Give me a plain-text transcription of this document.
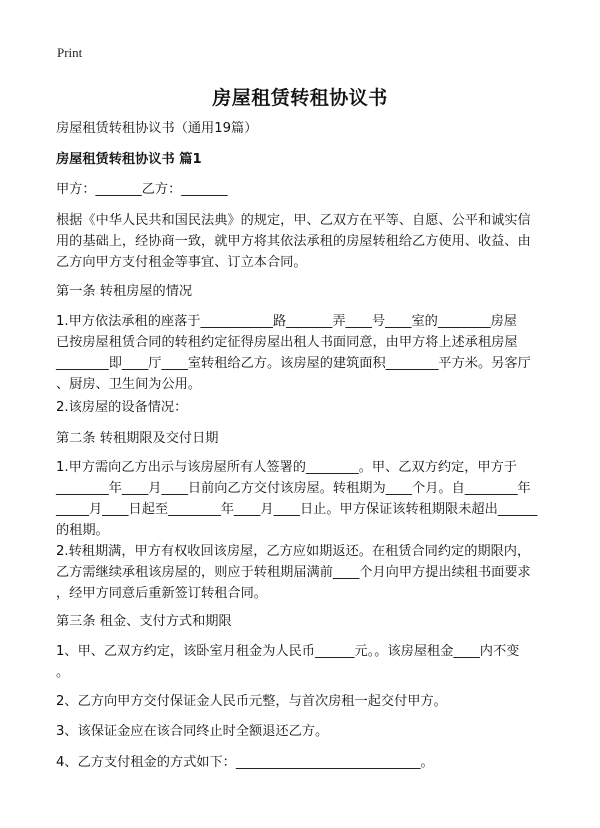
Print
房屋租赁转租协议书
房屋租赁转租协议书（通用19篇）
房屋租赁转租协议书 篇1
甲方：_______乙方：_______
根据《中华人民共和国民法典》的规定，甲、乙双方在平等、自愿、公平和诚实信
用的基础上，经协商一致，就甲方将其依法承租的房屋转租给乙方使用、收益、由
乙方向甲方支付租金等事宜、订立本合同。
第一条 转租房屋的情况
1.甲方依法承租的座落于___________路_______弄____号____室的________房屋
已按房屋租赁合同的转租约定征得房屋出租人书面同意，由甲方将上述承租房屋
________即____厅____室转租给乙方。该房屋的建筑面积________平方米。另客厅
、厨房、卫生间为公用。
2.该房屋的设备情况：
第二条 转租期限及交付日期
1.甲方需向乙方出示与该房屋所有人签署的________。甲、乙双方约定，甲方于
________年____月____日前向乙方交付该房屋。转租期为____个月。自________年
_____月____日起至________年____月____日止。甲方保证该转租期限未超出______
的租期。
2.转租期满，甲方有权收回该房屋，乙方应如期返还。在租赁合同约定的期限内，
乙方需继续承租该房屋的，则应于转租期届满前____个月向甲方提出续租书面要求
，经甲方同意后重新签订转租合同。
第三条 租金、支付方式和期限
1、甲、乙双方约定，该卧室月租金为人民币______元。。该房屋租金____内不变
。
2、乙方向甲方交付保证金人民币元整，与首次房租一起交付甲方。
3、该保证金应在该合同终止时全额退还乙方。
4、乙方支付租金的方式如下：____________________________。
